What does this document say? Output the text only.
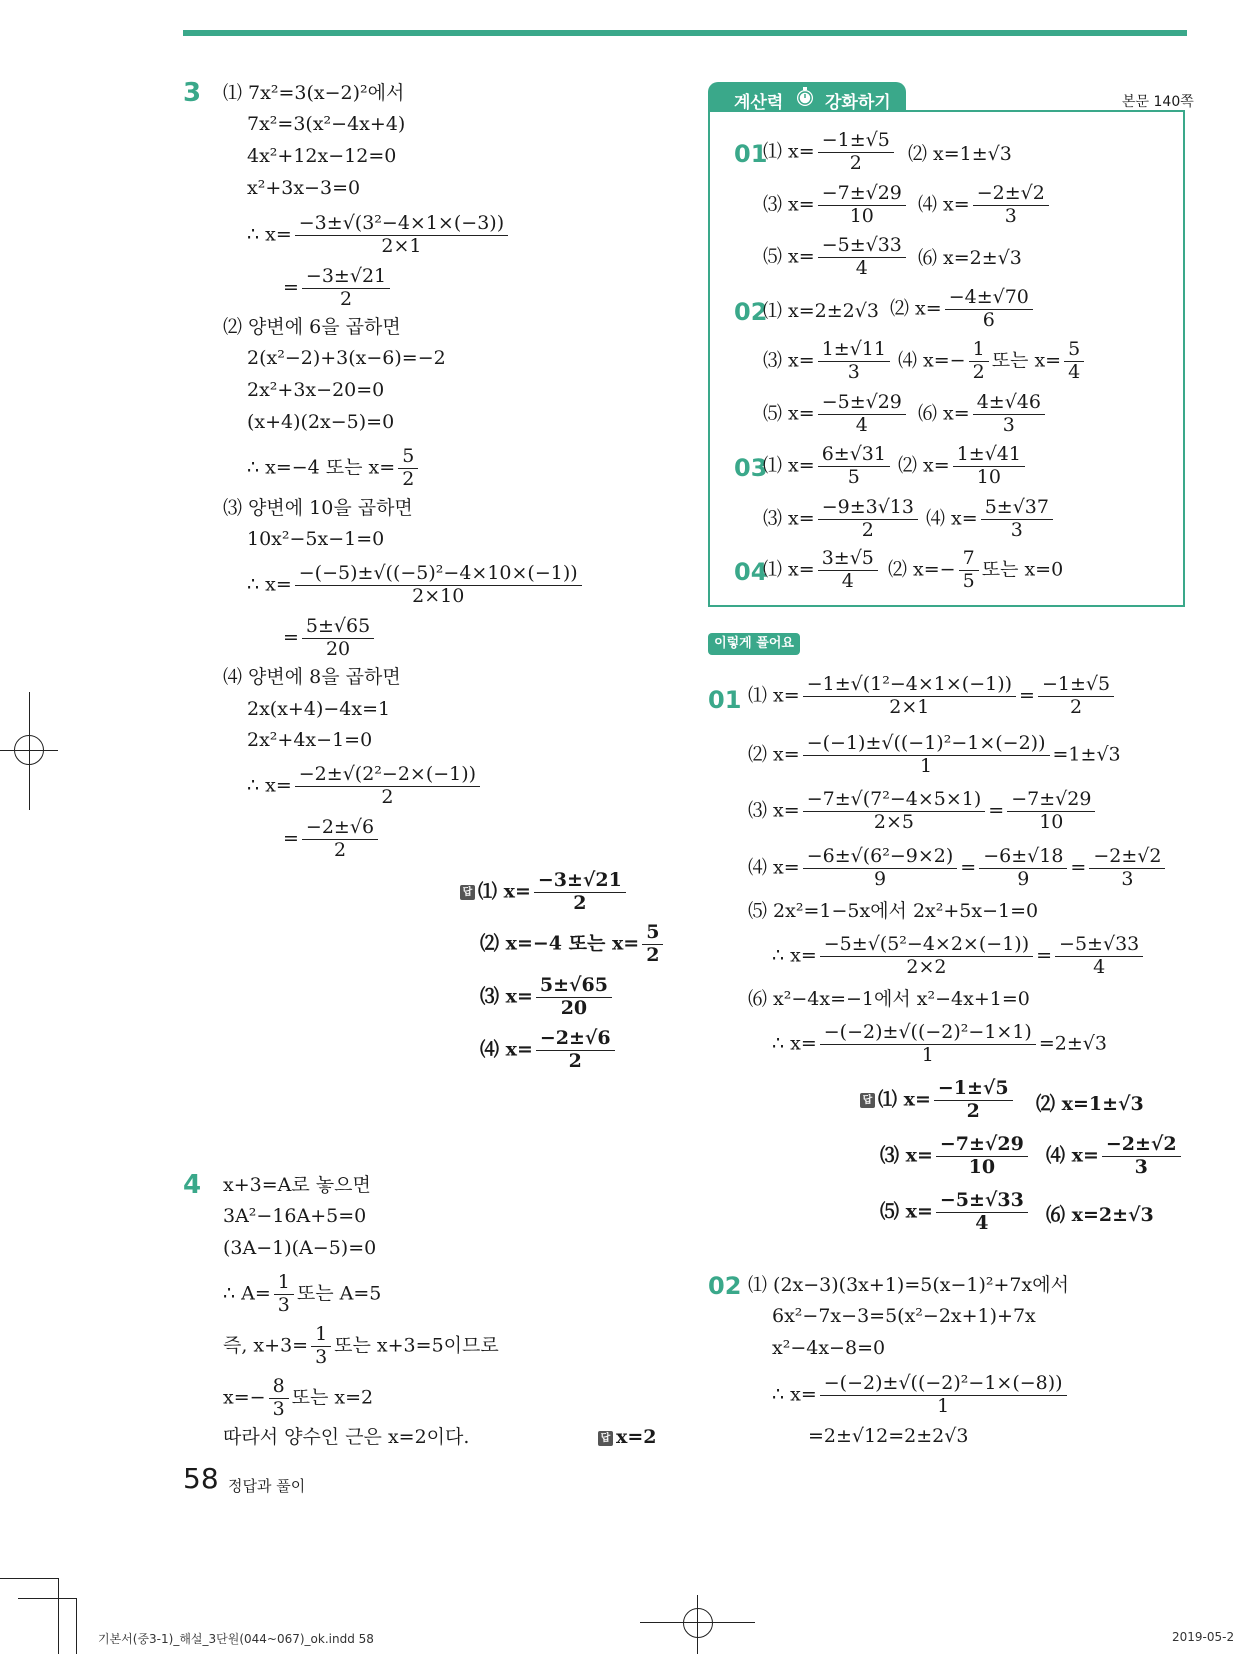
3 ⑴ 7x²=3(x−2)²에서
7x²=3(x²−4x+4)
4x²+12x−12=0
x²+3x−3=0
∴ $x= \frac{\text{−3±√(3²−4×1×(−3))}}{2\times 1}$
= $\frac{-3\pm√21}{2}$
⑵ 양변에 6을 곱하면
2(x²−2)+3(x−6)=−2
2x²+3x−20=0
(x+4)(2x−5)=0
∴ x=−4 또는 $x= \frac{5}{2}$
⑶ 양변에 10을 곱하면
10x²−5x−1=0
∴ $x= \frac{\text{−(−5)±√((−5)²−4×10×(−1))}}{2\times 10}$
= $\frac{5\pm√65}{20}$
⑷ 양변에 8을 곱하면
2x(x+4)−4x=1
2x²+4x−1=0
∴ $x= \frac{\text{−2±√(2²−2×(−1))}}{2}$
= $\frac{-2\pm√6}{2}$
답 ⑴ $x= \frac{-3\pm√21}{2}$
⑵ x=−4 또는 $x= \frac{5}{2}$
⑶ $x= \frac{5\pm√65}{20}$
⑷ $x= \frac{-2\pm√6}{2}$
4 x+3=A로 놓으면
3A²−16A+5=0
(3A−1)(A−5)=0
∴ $A= \frac{1}{3}$ 또는 A=5
즉, $x+3= \frac{1}{3}$ 또는 x+3=5이므로
$x=- \frac{8}{3}$ 또는 x=2
따라서 양수인 근은 x=2이다.	답 x=2
58 정답과 풀이
기본서(중3-1)_해설_3단원(044~067)_ok.indd 58	2019-05-2
계산력 강화하기	본문 140쪽
01
⑴ $x= \frac{-1\pm√5}{2}$ ⑵ x=1±√3
⑶ $x= \frac{-7\pm√29}{10}$ ⑷ $x= \frac{-2\pm√2}{3}$
⑸ $x= \frac{-5\pm√33}{4}$ ⑹ x=2±√3
02
⑴ x=2±2√3 ⑵ $x= \frac{-4\pm√70}{6}$
⑶ $x= \frac{1\pm√11}{3}$ ⑷ $x=- \frac{1}{2}$ 또는 $x= \frac{5}{4}$
⑸ $x= \frac{-5\pm√29}{4}$ ⑹ $x= \frac{4\pm√46}{3}$
03
⑴ $x= \frac{6\pm√31}{5}$ ⑵ $x= \frac{1\pm√41}{10}$
⑶ $x= \frac{-9\pm 3√13}{2}$ ⑷ $x= \frac{5\pm√37}{3}$
04
⑴ $x= \frac{3\pm√5}{4}$ ⑵ $x=- \frac{7}{5}$ 또는 x=0
이렇게 풀어요
01 ⑴ $x= \frac{\text{−1±√(1²−4×1×(−1))}}{2\times 1} = \frac{-1\pm√5}{2}$
⑵ $x= \frac{\text{−(−1)±√((−1)²−1×(−2))}}{1} =1\pm√3$
⑶ $x= \frac{\text{−7±√(7²−4×5×1)}}{2\times 5} = \frac{-7\pm√29}{10}$
⑷ $x= \frac{\text{−6±√(6²−9×2)}}{9} = \frac{-6\pm√18}{9} = \frac{-2\pm√2}{3}$
⑸ 2x²=1−5x에서 2x²+5x−1=0
∴ $x= \frac{\text{−5±√(5²−4×2×(−1))}}{2\times 2} = \frac{-5\pm√33}{4}$
⑹ x²−4x=−1에서 x²−4x+1=0
∴ $x= \frac{\text{−(−2)±√((−2)²−1×1)}}{1} =2\pm√3$
답 ⑴ $x= \frac{-1\pm√5}{2}$ ⑵ x=1±√3
⑶ $x= \frac{-7\pm√29}{10}$ ⑷ $x= \frac{-2\pm√2}{3}$
⑸ $x= \frac{-5\pm√33}{4}$ ⑹ x=2±√3
02 ⑴ (2x−3)(3x+1)=5(x−1)²+7x에서
6x²−7x−3=5(x²−2x+1)+7x
x²−4x−8=0
∴ $x= \frac{\text{−(−2)±√((−2)²−1×(−8))}}{1}$
=2±√12=2±2√3
